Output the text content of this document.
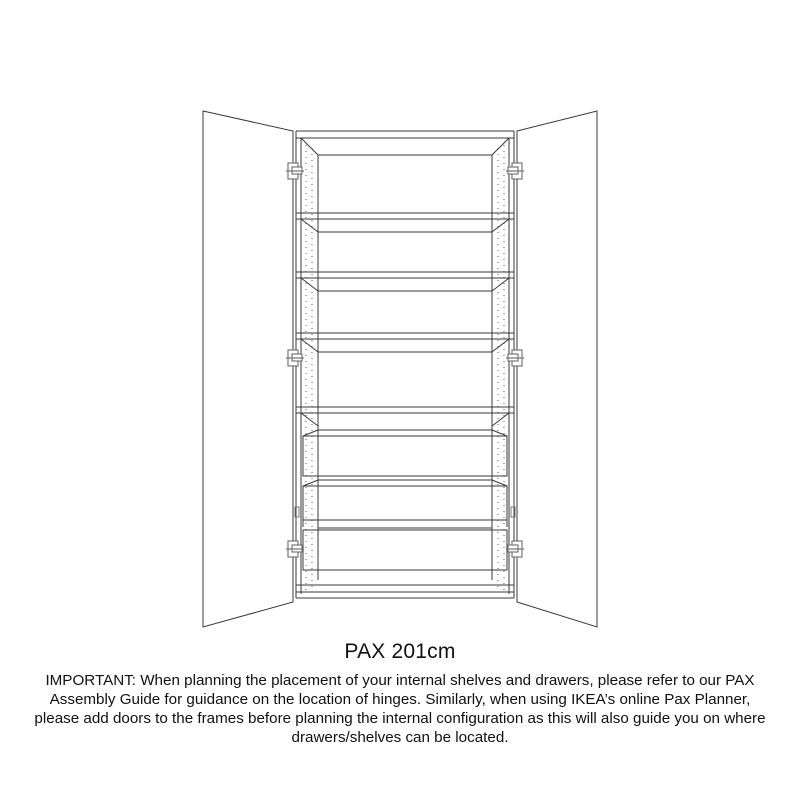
PAX 201cm
IMPORTANT: When planning the placement of your internal shelves and drawers, please refer to our PAX Assembly Guide for guidance on the location of hinges. Similarly, when using IKEA’s online Pax Planner, please add doors to the frames before planning the internal configuration as this will also guide you on where drawers/shelves can be located.
